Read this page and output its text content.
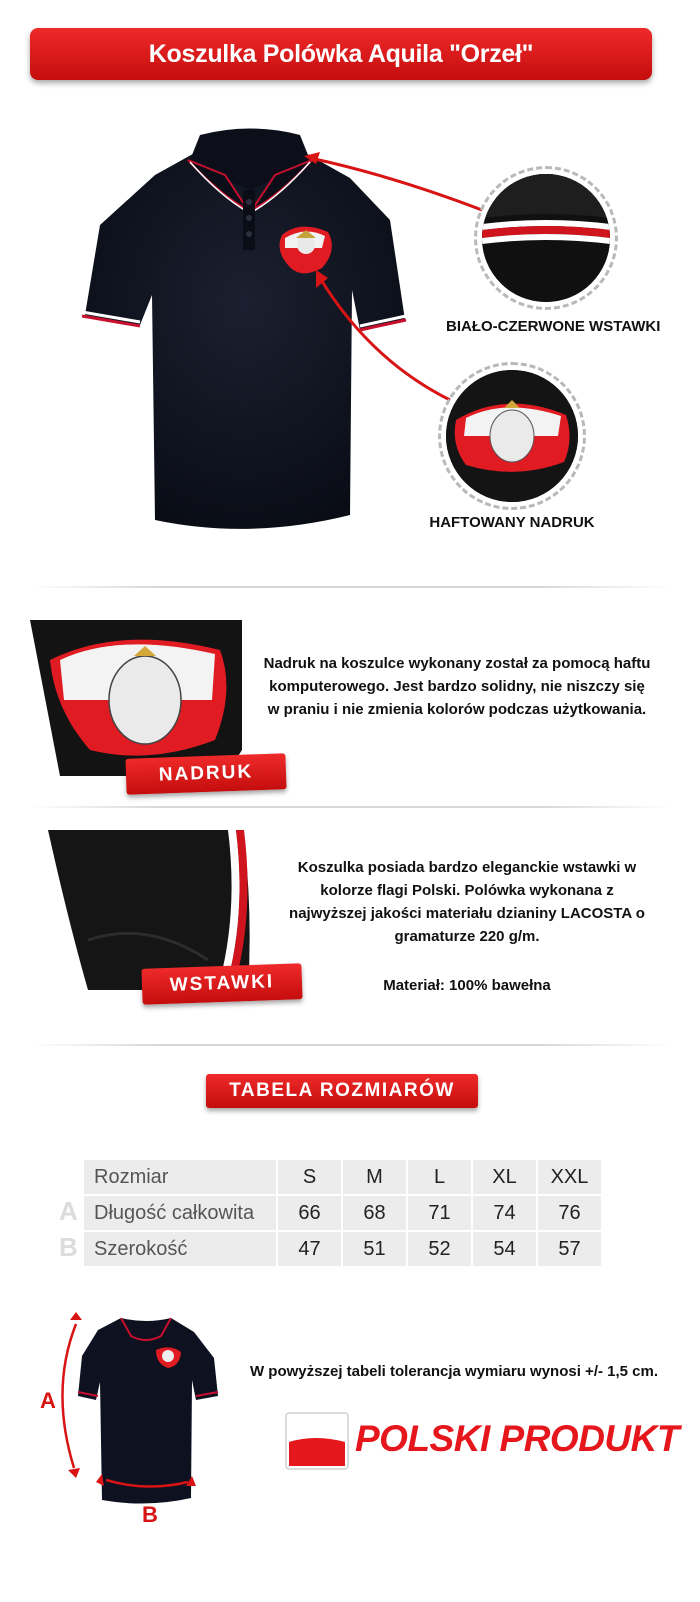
Koszulka Polówka Aquila "Orzeł"
BIAŁO-CZERWONE WSTAWKI
HAFTOWANY NADRUK
NADRUK
Nadruk na koszulce wykonany został za pomocą haftu komputerowego. Jest bardzo solidny, nie niszczy się w praniu i nie zmienia kolorów podczas użytkowania.
WSTAWKI
Koszulka posiada bardzo eleganckie wstawki w kolorze flagi Polski. Polówka wykonana z najwyższej jakości materiału dzianiny LACOSTA o gramaturze 220 g/m.
Materiał: 100% bawełna
TABELA ROZMIARÓW
A
B
Rozmiar	S	M	L	XL	XXL
Długość całkowita	66	68	71	74	76
Szerokość	47	51	52	54	57
A
B
W powyższej tabeli tolerancja wymiaru wynosi +/- 1,5 cm.
POLSKI PRODUKT
